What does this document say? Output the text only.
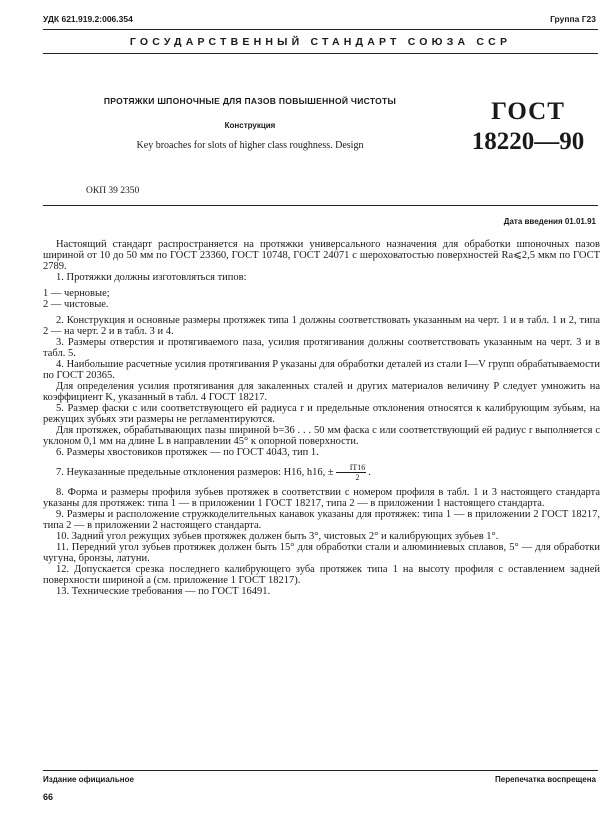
УДК 621.919.2:006.354	Группа Г23
ГОСУДАРСТВЕННЫЙ СТАНДАРТ СОЮЗА ССР
ПРОТЯЖКИ ШПОНОЧНЫЕ ДЛЯ ПАЗОВ ПОВЫШЕННОЙ ЧИСТОТЫ
Конструкция
Key broaches for slots of higher class roughness. Design
ГОСТ
18220—90
ОКП 39 2350
Дата введения 01.01.91

Настоящий стандарт распространяется на протяжки универсального назначения для обработки шпоночных пазов шириной от 10 до 50 мм по ГОСТ 23360, ГОСТ 10748, ГОСТ 24071 с шероховатостью поверхностей Ra⩽2,5 мкм по ГОСТ 2789.

1. Протяжки должны изготовляться типов:

1 — черновые;

2 — чистовые.

2. Конструкция и основные размеры протяжек типа 1 должны соответствовать указанным на черт. 1 и в табл. 1 и 2, типа 2 — на черт. 2 и в табл. 3 и 4.

3. Размеры отверстия и протягиваемого паза, усилия протягивания должны соответствовать указанным на черт. 3 и в табл. 5.

4. Наибольшие расчетные усилия протягивания P указаны для обработки деталей из стали I—V групп обрабатываемости по ГОСТ 20365.

Для определения усилия протягивания для закаленных сталей и других материалов величину P следует умножить на коэффициент K, указанный в табл. 4 ГОСТ 18217.

5. Размер фаски c или соответствующего ей радиуса r и предельные отклонения относятся к калибрующим зубьям, на режущих зубьях эти размеры не регламентируются.

Для протяжек, обрабатывающих пазы шириной b=36 . . . 50 мм фаска c или соответствующий ей радиус r выполняется с уклоном 0,1 мм на длине L в направлении 45° к опорной поверхности.

6. Размеры хвостовиков протяжек — по ГОСТ 4043, тип 1.

7. Неуказанные предельные отклонения размеров: H16, h16, ± $\frac{IT16}{2}$ .

8. Форма и размеры профиля зубьев протяжек в соответствии с номером профиля в табл. 1 и 3 настоящего стандарта указаны для протяжек: типа 1 — в приложении 1 ГОСТ 18217, типа 2 — в приложении 1 настоящего стандарта.

9. Размеры и расположение стружкоделительных канавок указаны для протяжек: типа 1 — в приложении 2 ГОСТ 18217, типа 2 — в приложении 2 настоящего стандарта.

10. Задний угол режущих зубьев протяжек должен быть 3°, чистовых 2° и калибрующих зубьев 1°.

11. Передний угол зубьев протяжек должен быть 15° для обработки стали и алюминиевых сплавов, 5° — для обработки чугуна, бронзы, латуни.

12. Допускается срезка последнего калибрующего зуба протяжек типа 1 на высоту профиля с оставлением задней поверхности шириной a (см. приложение 1 ГОСТ 18217).

13. Технические требования — по ГОСТ 16491.

Издание официальное	Перепечатка воспрещена
66
